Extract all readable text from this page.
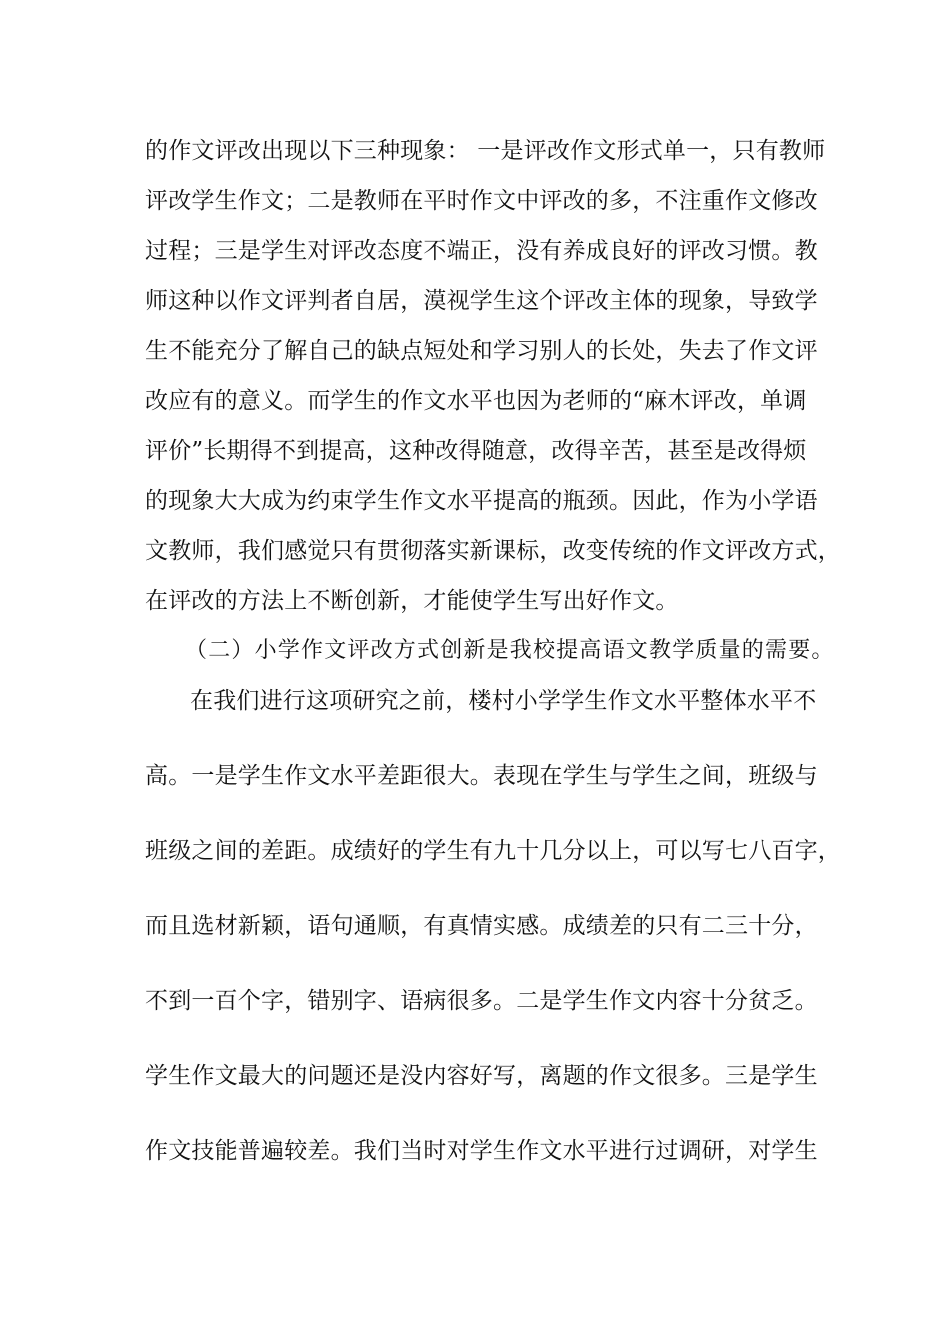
的作文评改出现以下三种现象： 一是评改作文形式单一，只有教师
评改学生作文；二是教师在平时作文中评改的多，不注重作文修改
过程；三是学生对评改态度不端正，没有养成良好的评改习惯。教
师这种以作文评判者自居，漠视学生这个评改主体的现象，导致学
生不能充分了解自己的缺点短处和学习别人的长处，失去了作文评
改应有的意义。而学生的作文水平也因为老师的“麻木评改，单调
评价”长期得不到提高，这种改得随意，改得辛苦，甚至是改得烦
的现象大大成为约束学生作文水平提高的瓶颈。因此，作为小学语
文教师，我们感觉只有贯彻落实新课标，改变传统的作文评改方式，
在评改的方法上不断创新，才能使学生写出好作文。
（二）小学作文评改方式创新是我校提高语文教学质量的需要。
在我们进行这项研究之前，楼村小学学生作文水平整体水平不
高。一是学生作文水平差距很大。表现在学生与学生之间，班级与
班级之间的差距。成绩好的学生有九十几分以上，可以写七八百字，
而且选材新颖，语句通顺，有真情实感。成绩差的只有二三十分，
不到一百个字，错别字、语病很多。二是学生作文内容十分贫乏。
学生作文最大的问题还是没内容好写，离题的作文很多。三是学生
作文技能普遍较差。我们当时对学生作文水平进行过调研，对学生
